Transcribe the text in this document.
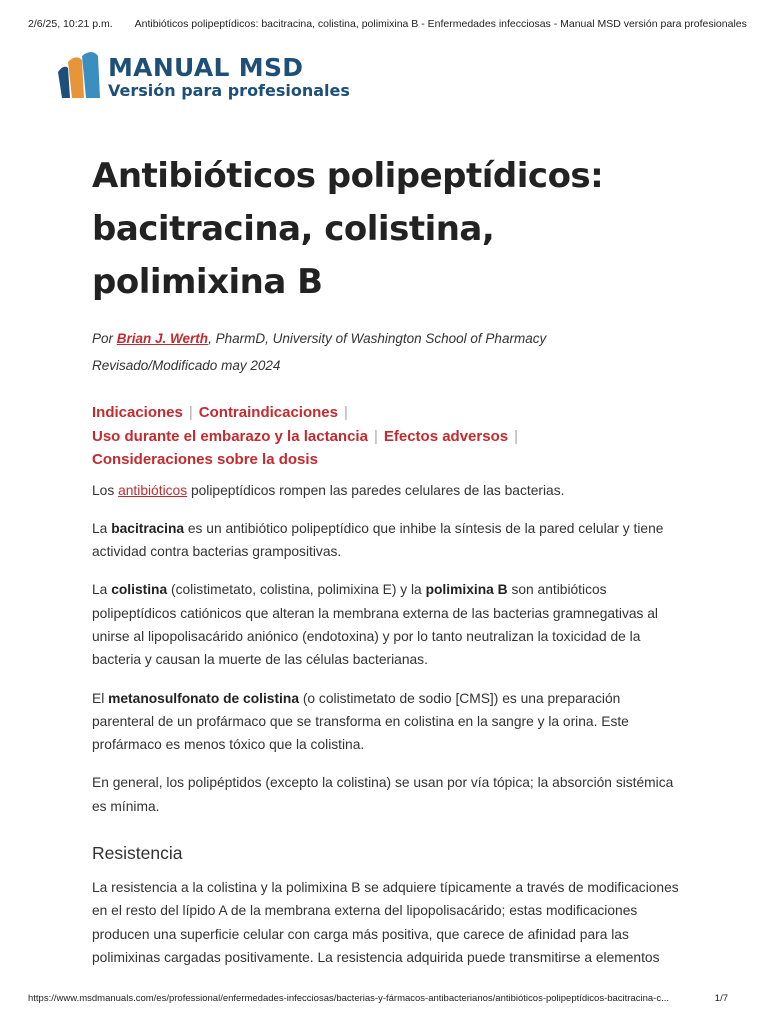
2/6/25, 10:21 p.m. Antibióticos polipeptídicos: bacitracina, colistina, polimixina B - Enfermedades infecciosas - Manual MSD versión para profesionales
MANUAL MSD
Versión para profesionales
Antibióticos polipeptídicos: bacitracina, colistina, polimixina B
Por Brian J. Werth, PharmD, University of Washington School of Pharmacy
Revisado/Modificado may 2024
Indicaciones | Contraindicaciones |
Uso durante el embarazo y la lactancia | Efectos adversos |
Consideraciones sobre la dosis

Los antibióticos polipeptídicos rompen las paredes celulares de las bacterias.

La bacitracina es un antibiótico polipeptídico que inhibe la síntesis de la pared celular y tiene actividad contra bacterias grampositivas.

La colistina (colistimetato, colistina, polimixina E) y la polimixina B son antibióticos polipeptídicos catiónicos que alteran la membrana externa de las bacterias gramnegativas al unirse al lipopolisacárido aniónico (endotoxina) y por lo tanto neutralizan la toxicidad de la bacteria y causan la muerte de las células bacterianas.

El metanosulfonato de colistina (o colistimetato de sodio [CMS]) es una preparación parenteral de un profármaco que se transforma en colistina en la sangre y la orina. Este profármaco es menos tóxico que la colistina.

En general, los polipéptidos (excepto la colistina) se usan por vía tópica; la absorción sistémica es mínima.

Resistencia

La resistencia a la colistina y la polimixina B se adquiere típicamente a través de modificaciones en el resto del lípido A de la membrana externa del lipopolisacárido; estas modificaciones producen una superficie celular con carga más positiva, que carece de afinidad para las polimixinas cargadas positivamente. La resistencia adquirida puede transmitirse a elementos

https://www.msdmanuals.com/es/professional/enfermedades-infecciosas/bacterias-y-fármacos-antibacterianos/antibióticos-polipeptídicos-bacitracina-c...	1/7
